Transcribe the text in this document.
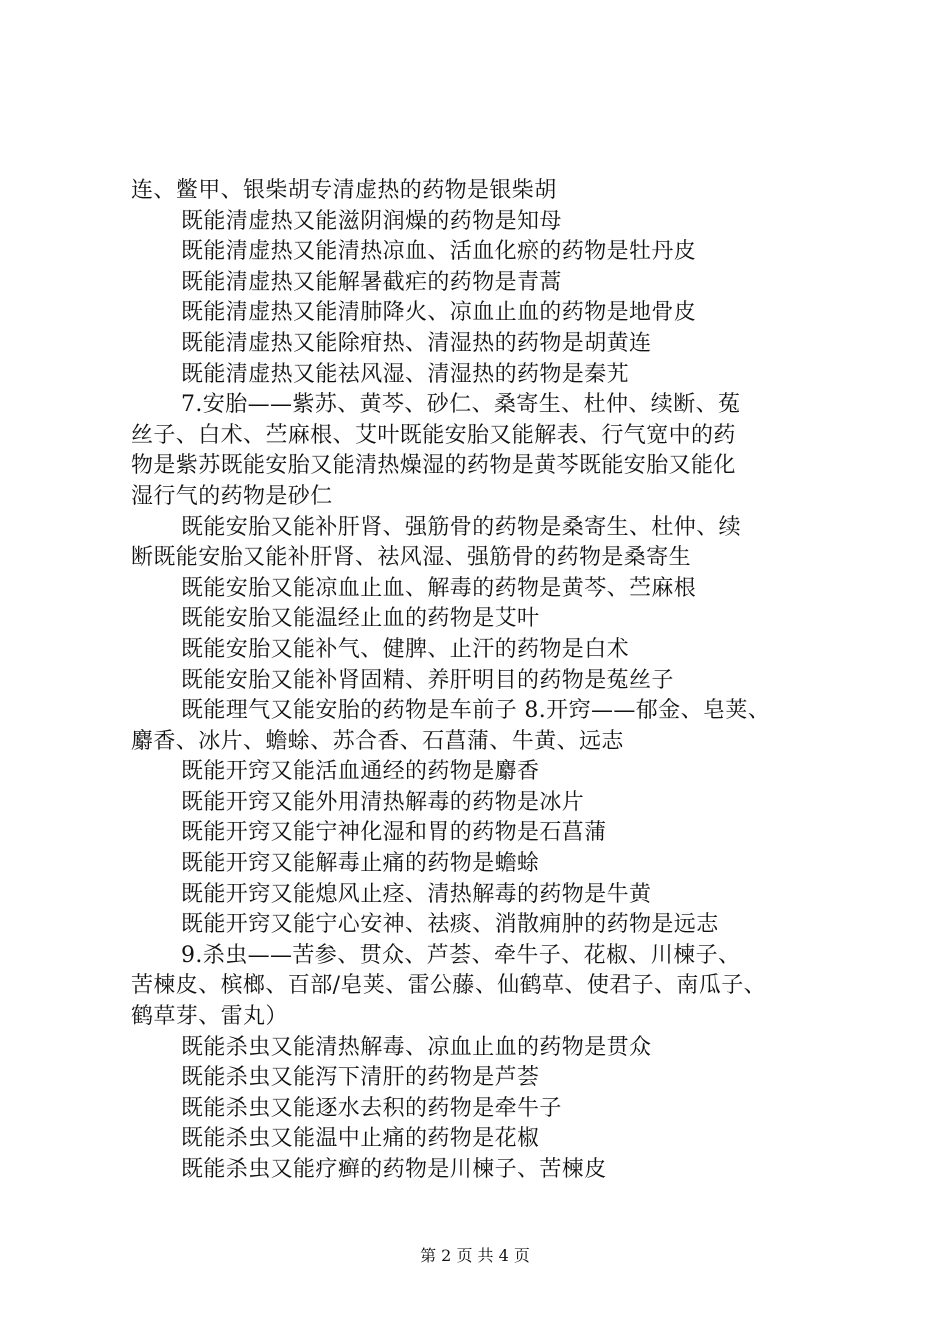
连、鳖甲、银柴胡专清虚热的药物是银柴胡
既能清虚热又能滋阴润燥的药物是知母
既能清虚热又能清热凉血、活血化瘀的药物是牡丹皮
既能清虚热又能解暑截疟的药物是青蒿
既能清虚热又能清肺降火、凉血止血的药物是地骨皮
既能清虚热又能除疳热、清湿热的药物是胡黄连
既能清虚热又能祛风湿、清湿热的药物是秦艽
7.安胎——紫苏、黄芩、砂仁、桑寄生、杜仲、续断、菟
丝子、白术、苎麻根、艾叶既能安胎又能解表、行气宽中的药
物是紫苏既能安胎又能清热燥湿的药物是黄芩既能安胎又能化
湿行气的药物是砂仁
既能安胎又能补肝肾、强筋骨的药物是桑寄生、杜仲、续
断既能安胎又能补肝肾、祛风湿、强筋骨的药物是桑寄生
既能安胎又能凉血止血、解毒的药物是黄芩、苎麻根
既能安胎又能温经止血的药物是艾叶
既能安胎又能补气、健脾、止汗的药物是白术
既能安胎又能补肾固精、养肝明目的药物是菟丝子
既能理气又能安胎的药物是车前子 8.开窍——郁金、皂荚、
麝香、冰片、蟾蜍、苏合香、石菖蒲、牛黄、远志
既能开窍又能活血通经的药物是麝香
既能开窍又能外用清热解毒的药物是冰片
既能开窍又能宁神化湿和胃的药物是石菖蒲
既能开窍又能解毒止痛的药物是蟾蜍
既能开窍又能熄风止痉、清热解毒的药物是牛黄
既能开窍又能宁心安神、祛痰、消散痈肿的药物是远志
9.杀虫——苦参、贯众、芦荟、牵牛子、花椒、川楝子、
苦楝皮、槟榔、百部/皂荚、雷公藤、仙鹤草、使君子、南瓜子、
鹤草芽、雷丸）
既能杀虫又能清热解毒、凉血止血的药物是贯众
既能杀虫又能泻下清肝的药物是芦荟
既能杀虫又能逐水去积的药物是牵牛子
既能杀虫又能温中止痛的药物是花椒
既能杀虫又能疗癣的药物是川楝子、苦楝皮
第 2 页 共 4 页
